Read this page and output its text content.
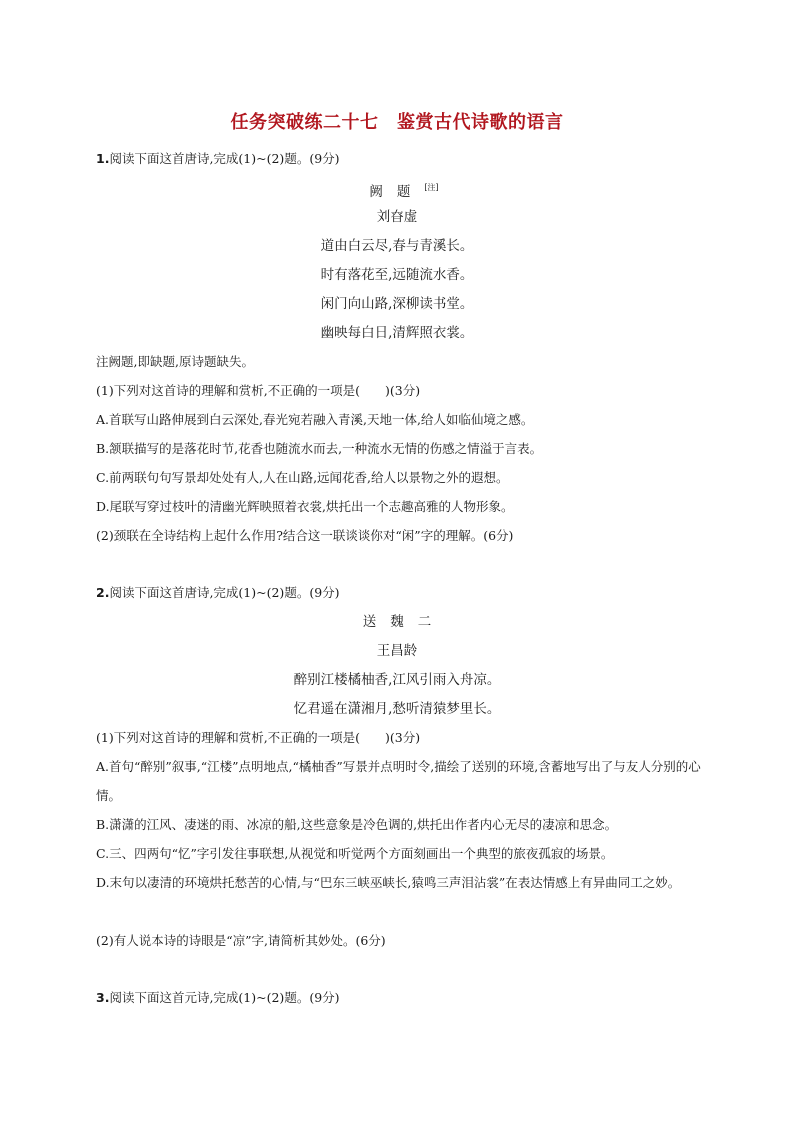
任务突破练二十七　鉴赏古代诗歌的语言
1.阅读下面这首唐诗,完成(1)~(2)题。(9分)
阙题[注]
刘昚虚
道由白云尽,春与青溪长。
时有落花至,远随流水香。
闲门向山路,深柳读书堂。
幽映每白日,清辉照衣裳。
注阙题,即缺题,原诗题缺失。
(1)下列对这首诗的理解和赏析,不正确的一项是(　　)(3分)
A.首联写山路伸展到白云深处,春光宛若融入青溪,天地一体,给人如临仙境之感。
B.颔联描写的是落花时节,花香也随流水而去,一种流水无情的伤感之情溢于言表。
C.前两联句句写景却处处有人,人在山路,远闻花香,给人以景物之外的遐想。
D.尾联写穿过枝叶的清幽光辉映照着衣裳,烘托出一个志趣高雅的人物形象。
(2)颈联在全诗结构上起什么作用?结合这一联谈谈你对“闲”字的理解。(6分)
2.阅读下面这首唐诗,完成(1)~(2)题。(9分)
送魏二
王昌龄
醉别江楼橘柚香,江风引雨入舟凉。
忆君遥在潇湘月,愁听清猿梦里长。
(1)下列对这首诗的理解和赏析,不正确的一项是(　　)(3分)
A.首句“醉别”叙事,“江楼”点明地点,“橘柚香”写景并点明时令,描绘了送别的环境,含蓄地写出了与友人分别的心情。
B.潇潇的江风、凄迷的雨、冰凉的船,这些意象是冷色调的,烘托出作者内心无尽的凄凉和思念。
C.三、四两句“忆”字引发往事联想,从视觉和听觉两个方面刻画出一个典型的旅夜孤寂的场景。
D.末句以凄清的环境烘托愁苦的心情,与“巴东三峡巫峡长,猿鸣三声泪沾裳”在表达情感上有异曲同工之妙。
(2)有人说本诗的诗眼是“凉”字,请简析其妙处。(6分)
3.阅读下面这首元诗,完成(1)~(2)题。(9分)
